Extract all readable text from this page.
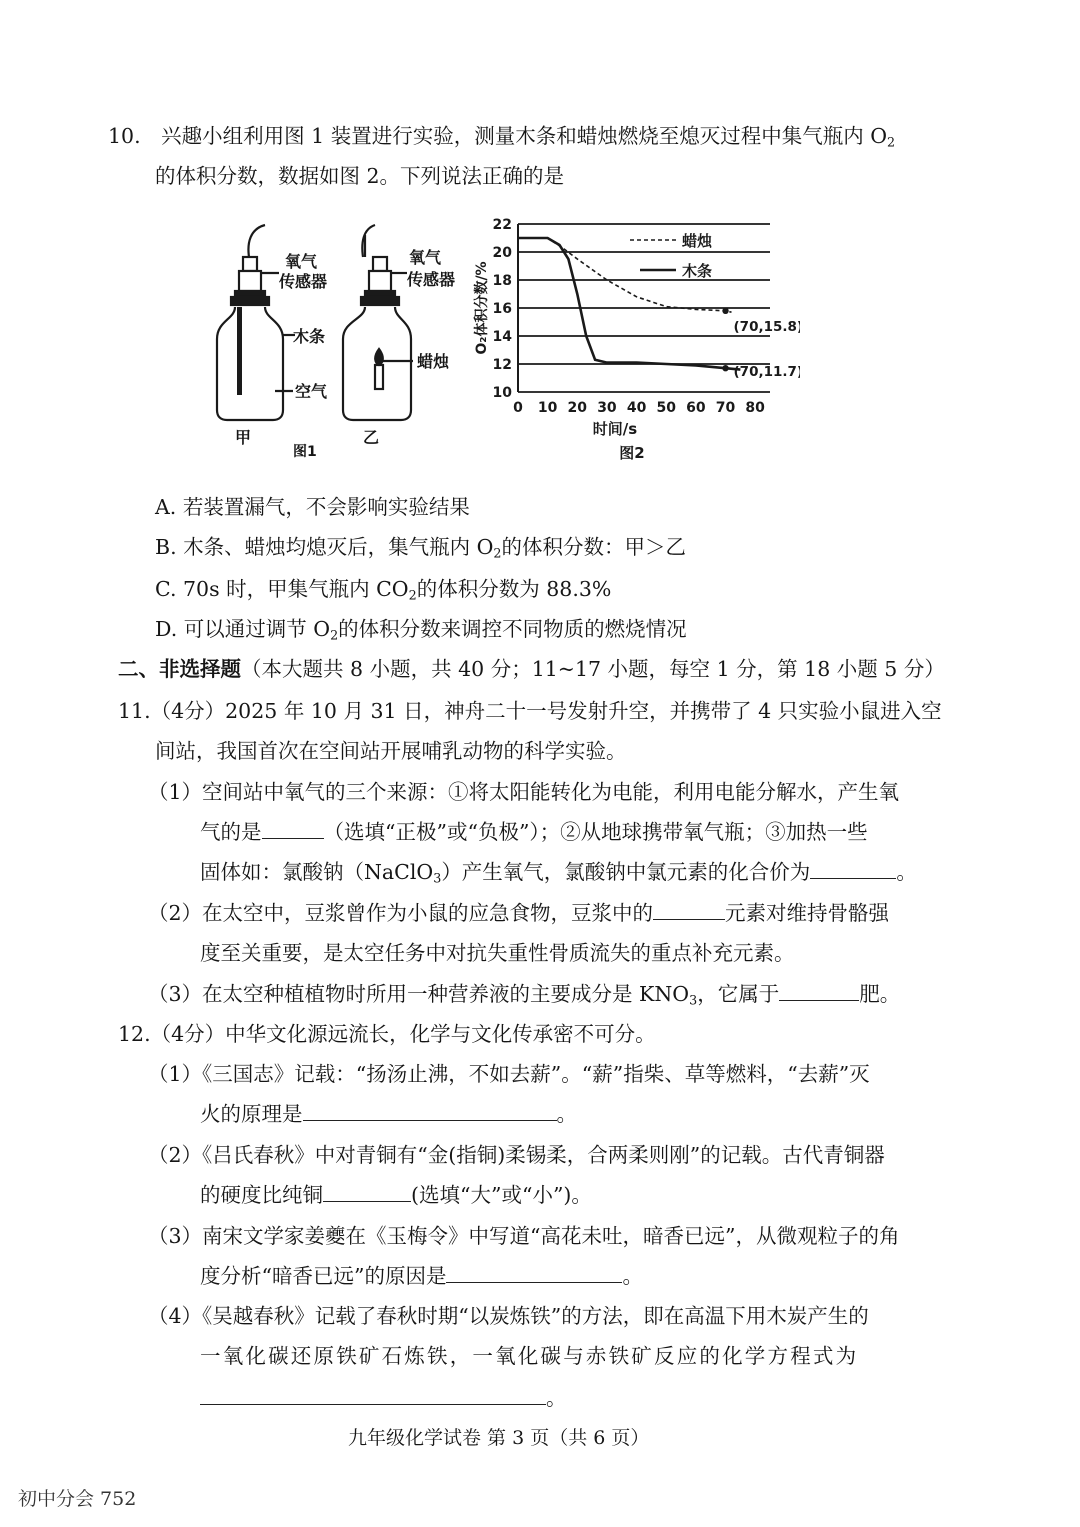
10. 兴趣小组利用图 1 装置进行实验，测量木条和蜡烛燃烧至熄灭过程中集气瓶内 $O_2$
的体积分数，数据如图 2。下列说法正确的是
氧气
传感器
木条
空气
氧气
传感器
蜡烛
甲	乙
图1
10
12
14
16
18
20
22
0 10 20 30 40 50 60 70 80
(70,15.8)
(70,11.7)
蜡烛
木条
时间/s
O₂体积分数/%
图2
A. 若装置漏气，不会影响实验结果
B. 木条、蜡烛均熄灭后，集气瓶内 $O_2$的体积分数：甲＞乙
C. 70s 时，甲集气瓶内 $CO_2$的体积分数为 88.3%
D. 可以通过调节 $O_2$的体积分数来调控不同物质的燃烧情况
二、非选择题（本大题共 8 小题，共 40 分；11~17 小题，每空 1 分，第 18 小题 5 分）
11.（4分）2025 年 10 月 31 日，神舟二十一号发射升空，并携带了 4 只实验小鼠进入空
间站，我国首次在空间站开展哺乳动物的科学实验。
（1）空间站中氧气的三个来源：①将太阳能转化为电能，利用电能分解水，产生氧
气的是	（选填“正极”或“负极”）；②从地球携带氧气瓶；③加热一些
固体如：氯酸钠（NaClO$_3$）产生氧气，氯酸钠中氯元素的化合价为	。
（2）在太空中，豆浆曾作为小鼠的应急食物，豆浆中的	元素对维持骨骼强
度至关重要，是太空任务中对抗失重性骨质流失的重点补充元素。
（3）在太空种植植物时所用一种营养液的主要成分是 $KNO_3$，它属于	肥。
12.（4分）中华文化源远流长，化学与文化传承密不可分。
（1）《三国志》记载：“扬汤止沸，不如去薪”。“薪”指柴、草等燃料，“去薪”灭
火的原理是	。
（2）《吕氏春秋》中对青铜有“金(指铜)柔锡柔，合两柔则刚”的记载。古代青铜器
的硬度比纯铜	(选填“大”或“小”)。
（3）南宋文学家姜夔在《玉梅令》中写道“高花未吐，暗香已远”，从微观粒子的角
度分析“暗香已远”的原因是	。
（4）《吴越春秋》记载了春秋时期“以炭炼铁”的方法，即在高温下用木炭产生的
一氧化碳还原铁矿石炼铁，一氧化碳与赤铁矿反应的化学方程式为
。
九年级化学试卷 第 3 页（共 6 页）
初中分会 752
